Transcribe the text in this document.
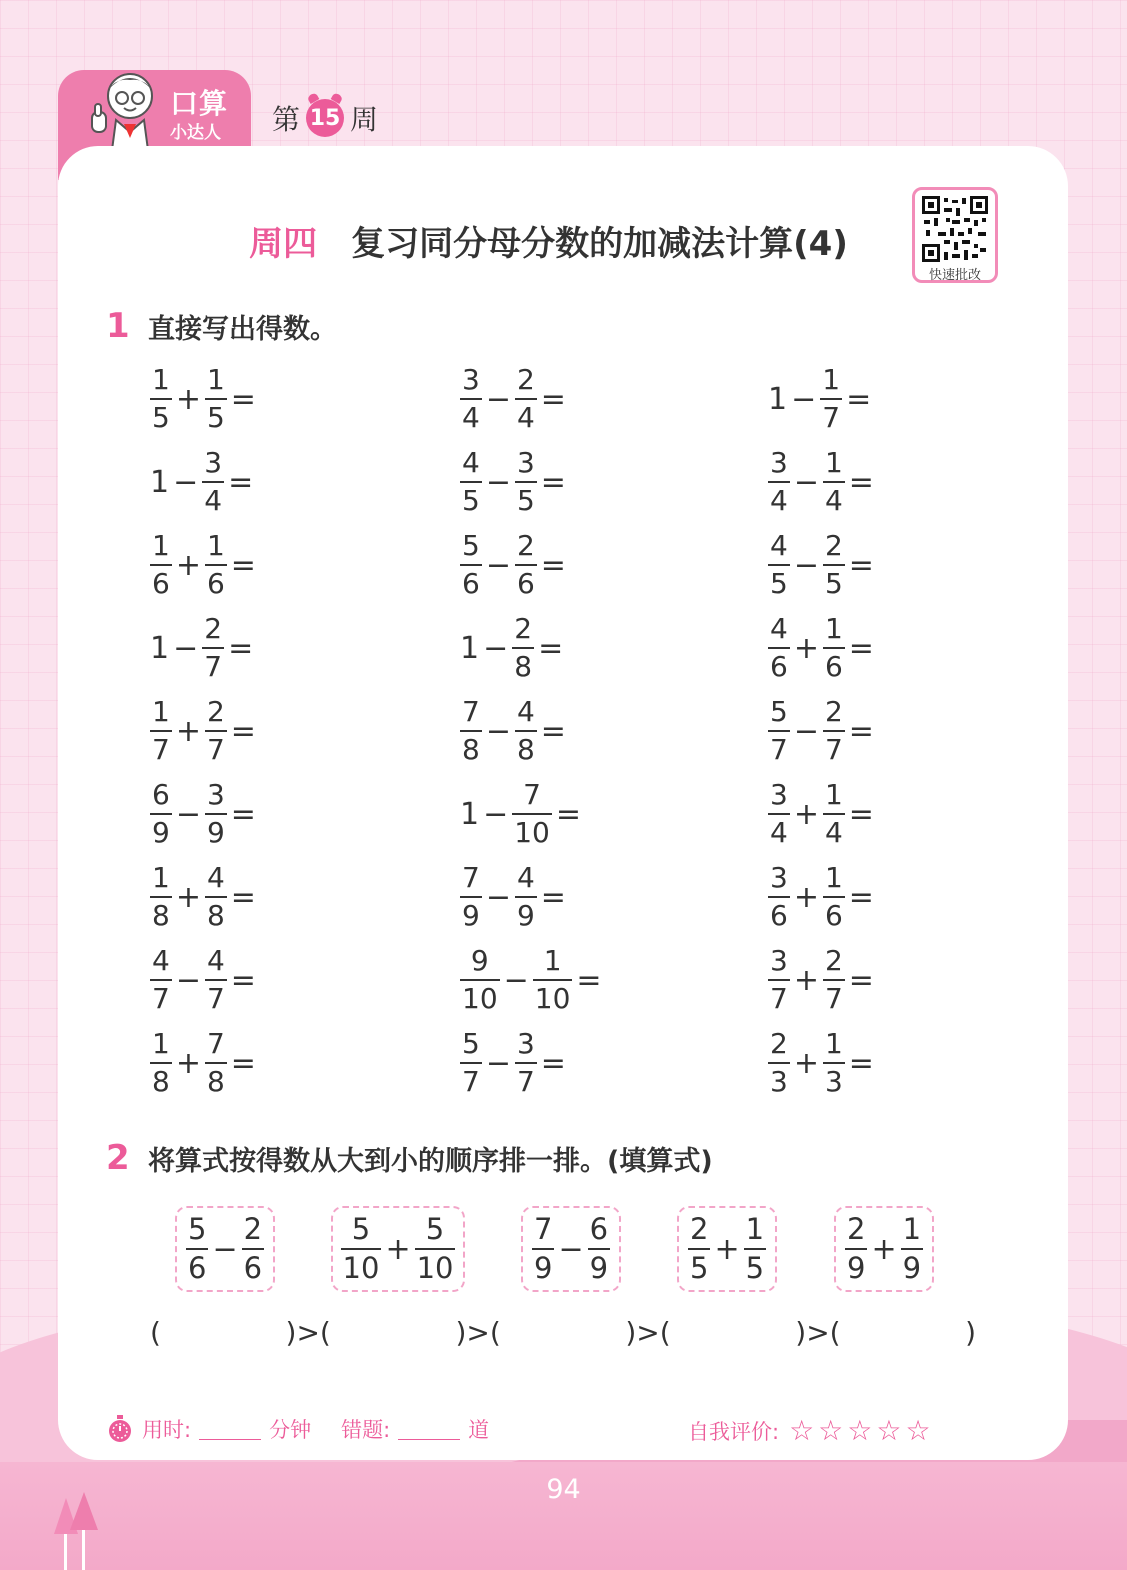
口算
小达人 第 15 周
周四 复习同分母分数的加减法计算(4)
快速批改
1 直接写出得数。
$\frac{1}{5} + \frac{1}{5}$ =	$\frac{3}{4} - \frac{2}{4}$ =	$1 - \frac{1}{7}$ =
$1 - \frac{3}{4}$ =	$\frac{4}{5} - \frac{3}{5}$ =	$\frac{3}{4} - \frac{1}{4}$ =
$\frac{1}{6} + \frac{1}{6}$ =	$\frac{5}{6} - \frac{2}{6}$ =	$\frac{4}{5} - \frac{2}{5}$ =
$1 - \frac{2}{7}$ =	$1 - \frac{2}{8}$ =	$\frac{4}{6} + \frac{1}{6}$ =
$\frac{1}{7} + \frac{2}{7}$ =	$\frac{7}{8} - \frac{4}{8}$ =	$\frac{5}{7} - \frac{2}{7}$ =
$\frac{6}{9} - \frac{3}{9}$ =	$1 - \frac{7}{10}$ =	$\frac{3}{4} + \frac{1}{4}$ =
$\frac{1}{8} + \frac{4}{8}$ =	$\frac{7}{9} - \frac{4}{9}$ =	$\frac{3}{6} + \frac{1}{6}$ =
$\frac{4}{7} - \frac{4}{7}$ =	$\frac{9}{10} - \frac{1}{10}$ =	$\frac{3}{7} + \frac{2}{7}$ =
$\frac{1}{8} + \frac{7}{8}$ =	$\frac{5}{7} - \frac{3}{7}$ =	$\frac{2}{3} + \frac{1}{3}$ =
2 将算式按得数从大到小的顺序排一排。(填算式)
$\frac{5}{6} - \frac{2}{6}$	$\frac{5}{10} + \frac{5}{10}$	$\frac{7}{9} - \frac{6}{9}$	$\frac{2}{5} + \frac{1}{5}$	$\frac{2}{9} + \frac{1}{9}$
(              )>(              )>(              )>(              )>(              )
用时:	分钟 错题:	道	自我评价: ☆☆☆☆☆
94
